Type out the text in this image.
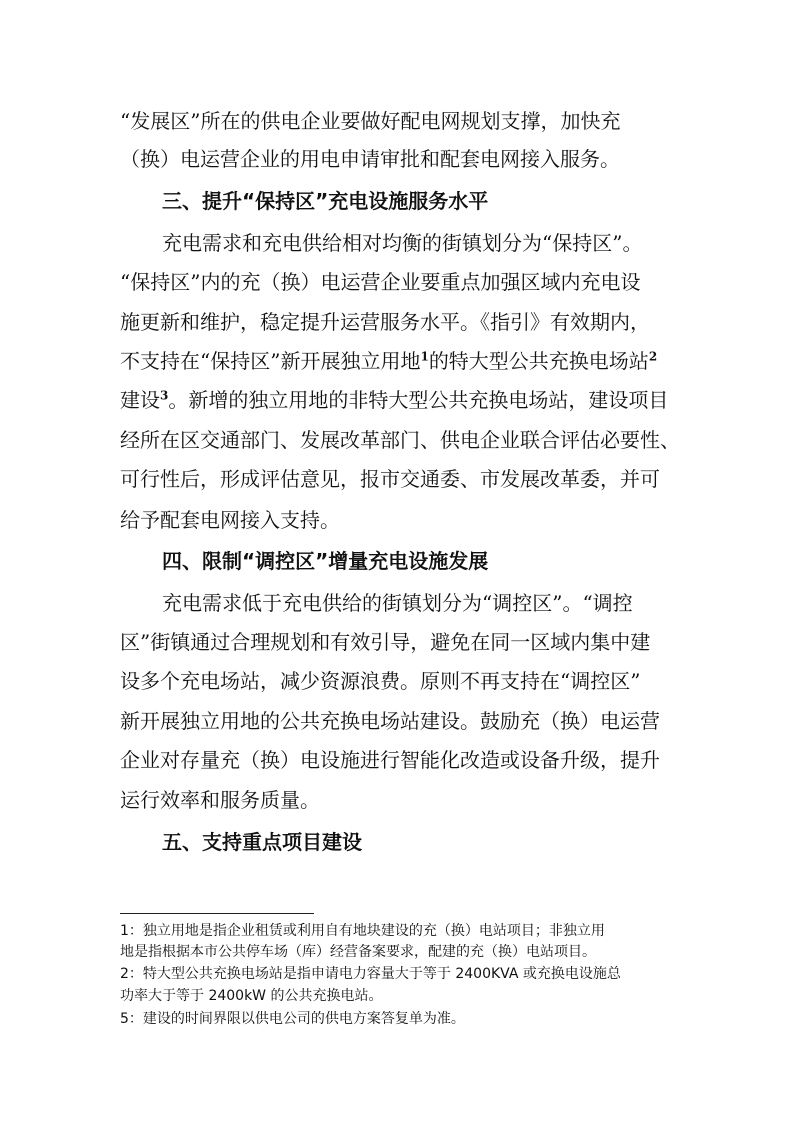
“发展区”所在的供电企业要做好配电网规划支撑，加快充
（换）电运营企业的用电申请审批和配套电网接入服务。
三、提升“保持区”充电设施服务水平
充电需求和充电供给相对均衡的街镇划分为“保持区”。
“保持区”内的充（换）电运营企业要重点加强区域内充电设
施更新和维护，稳定提升运营服务水平。《指引》有效期内，
不支持在“保持区”新开展独立用地$^1$的特大型公共充换电场站$^2$
建设$^3$。新增的独立用地的非特大型公共充换电场站，建设项目
经所在区交通部门、发展改革部门、供电企业联合评估必要性、
可行性后，形成评估意见，报市交通委、市发展改革委，并可
给予配套电网接入支持。
四、限制“调控区”增量充电设施发展
充电需求低于充电供给的街镇划分为“调控区”。“调控
区”街镇通过合理规划和有效引导，避免在同一区域内集中建
设多个充电场站，减少资源浪费。原则不再支持在“调控区”
新开展独立用地的公共充换电场站建设。鼓励充（换）电运营
企业对存量充（换）电设施进行智能化改造或设备升级，提升
运行效率和服务质量。
五、支持重点项目建设
1：独立用地是指企业租赁或利用自有地块建设的充（换）电站项目；非独立用
地是指根据本市公共停车场（库）经营备案要求，配建的充（换）电站项目。
2：特大型公共充换电场站是指申请电力容量大于等于 2400KVA 或充换电设施总
功率大于等于 2400kW 的公共充换电站。
5：建设的时间界限以供电公司的供电方案答复单为准。
